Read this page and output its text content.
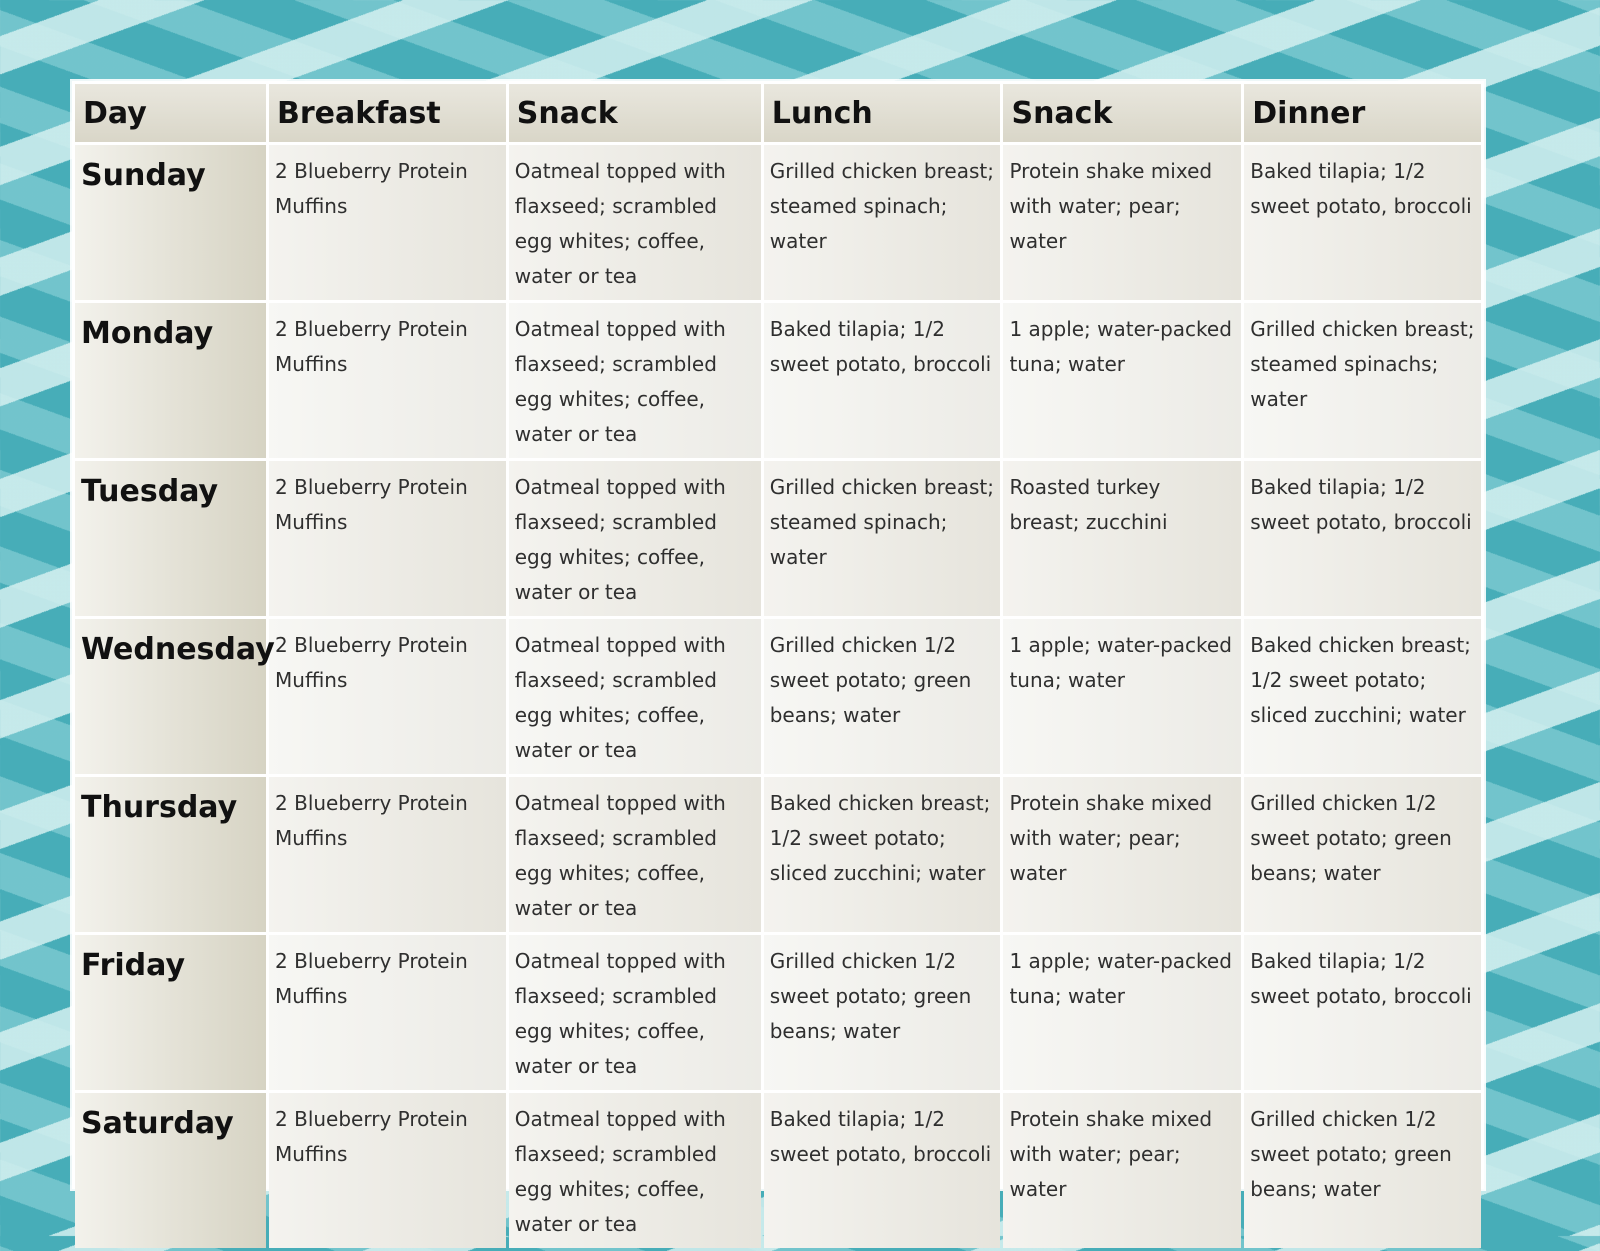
Day	Breakfast	Snack	Lunch	Snack	Dinner
Sunday	2 Blueberry Protein Muffins	Oatmeal topped with flaxseed; scrambled egg whites; coffee, water or tea	Grilled chicken breast; steamed spinach; water	Protein shake mixed with water; pear; water	Baked tilapia; 1/2 sweet potato, broccoli
Monday	2 Blueberry Protein Muffins	Oatmeal topped with flaxseed; scrambled egg whites; coffee, water or tea	Baked tilapia; 1/2 sweet potato, broccoli	1 apple; water-packed tuna; water	Grilled chicken breast; steamed spinachs; water
Tuesday	2 Blueberry Protein Muffins	Oatmeal topped with flaxseed; scrambled egg whites; coffee, water or tea	Grilled chicken breast; steamed spinach; water	Roasted turkey breast; zucchini	Baked tilapia; 1/2 sweet potato, broccoli
Wednesday	2 Blueberry Protein Muffins	Oatmeal topped with flaxseed; scrambled egg whites; coffee, water or tea	Grilled chicken 1/2 sweet potato; green beans; water	1 apple; water-packed tuna; water	Baked chicken breast; 1/2 sweet potato; sliced zucchini; water
Thursday	2 Blueberry Protein Muffins	Oatmeal topped with flaxseed; scrambled egg whites; coffee, water or tea	Baked chicken breast; 1/2 sweet potato; sliced zucchini; water	Protein shake mixed with water; pear; water	Grilled chicken 1/2 sweet potato; green beans; water
Friday	2 Blueberry Protein Muffins	Oatmeal topped with flaxseed; scrambled egg whites; coffee, water or tea	Grilled chicken 1/2 sweet potato; green beans; water	1 apple; water-packed tuna; water	Baked tilapia; 1/2 sweet potato, broccoli
Saturday	2 Blueberry Protein Muffins	Oatmeal topped with flaxseed; scrambled egg whites; coffee, water or tea	Baked tilapia; 1/2 sweet potato, broccoli	Protein shake mixed with water; pear; water	Grilled chicken 1/2 sweet potato; green beans; water
